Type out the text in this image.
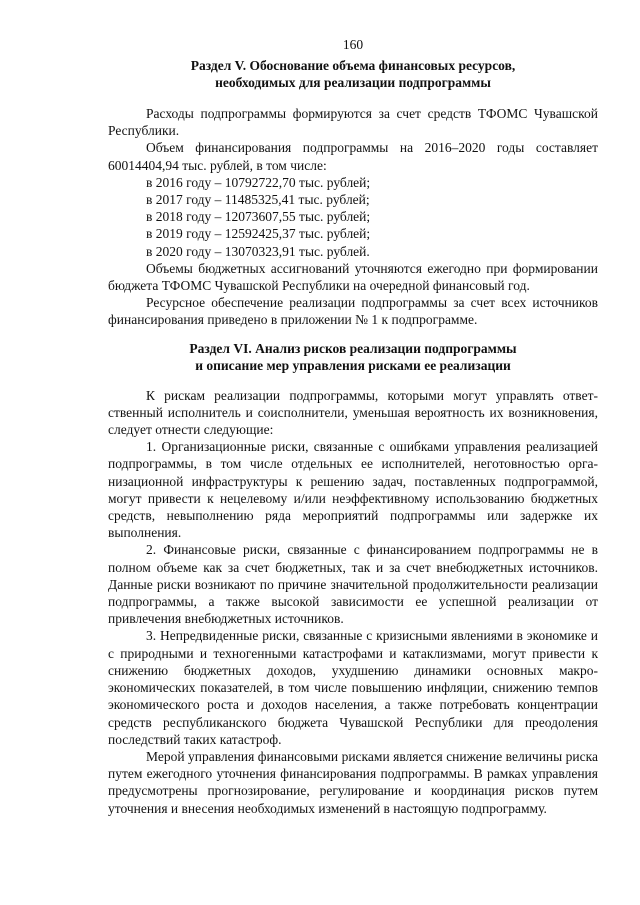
160
Раздел V. Обоснование объема финансовых ресурсов,
необходимых для реализации подпрограммы

Расходы подпрограммы формируются за счет средств ТФОМС Чувашской Республики.

Объем финансирования подпрограммы на 2016–2020 годы составляет 60014404,94 тыс. рублей, в том числе:

в 2016 году – 10792722,70 тыс. рублей;

в 2017 году – 11485325,41 тыс. рублей;

в 2018 году – 12073607,55 тыс. рублей;

в 2019 году – 12592425,37 тыс. рублей;

в 2020 году – 13070323,91 тыс. рублей.

Объемы бюджетных ассигнований уточняются ежегодно при формировании бюджета ТФОМС Чувашской Республики на очередной финансовый год.

Ресурсное обеспечение реализации подпрограммы за счет всех источников финансирования приведено в приложении № 1 к подпрограмме.

Раздел VI. Анализ рисков реализации подпрограммы
и описание мер управления рисками ее реализации

К рискам реализации подпрограммы, которыми могут управлять ответственный исполнитель и соисполнители, уменьшая вероятность их возникновения, следует отнести следующие:

1. Организационные риски, связанные с ошибками управления реализацией подпрограммы, в том числе отдельных ее исполнителей, неготовностью организационной инфраструктуры к решению задач, поставленных подпрограммой, могут привести к нецелевому и/или неэффективному использованию бюджетных средств, невыполнению ряда мероприятий подпрограммы или задержке их выполнения.

2. Финансовые риски, связанные с финансированием подпрограммы не в полном объеме как за счет бюджетных, так и за счет внебюджетных источников. Данные риски возникают по причине значительной продолжительности реализации подпрограммы, а также высокой зависимости ее успешной реализации от привлечения внебюджетных источников.

3. Непредвиденные риски, связанные с кризисными явлениями в экономике и с природными и техногенными катастрофами и катаклизмами, могут привести к снижению бюджетных доходов, ухудшению динамики основных макроэкономических показателей, в том числе повышению инфляции, снижению темпов экономического роста и доходов населения, а также потребовать концентрации средств республиканского бюджета Чувашской Республики для преодоления последствий таких катастроф.

Мерой управления финансовыми рисками является снижение величины риска путем ежегодного уточнения финансирования подпрограммы. В рамках управления предусмотрены прогнозирование, регулирование и координация рисков путем уточнения и внесения необходимых изменений в настоящую подпрограмму.
